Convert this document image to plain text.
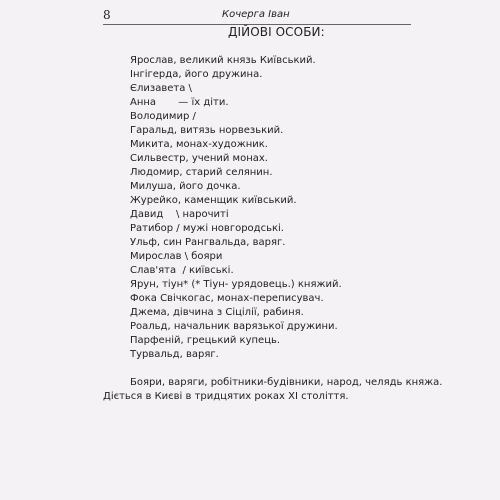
8	Кочерга Іван
ДІЙОВІ ОСОБИ:
Ярослав, великий князь Київський.
Інгігерда, його дружина.
Єлизавета \
Анна       — їх діти.
Володимир /
Гаральд, витязь норвезький.
Микита, монах-художник.
Сильвестр, учений монах.
Людомир, старий селянин.
Милуша, його дочка.
Журейко, каменщик київський.
Давид    \ нарочиті
Ратибор / мужі новгородські.
Ульф, син Рангвальда, варяг.
Мирослав \ бояри
Слав'ята  / київські.
Ярун, тіун* (* Тіун- урядовець.) княжий.
Фока Свічкогас, монах-переписувач.
Джема, дівчина з Сіцілії, рабиня.
Роальд, начальник варязької дружини.
Парфеній, грецький купець.
Турвальд, варяг.
Бояри, варяги, робітники-будівники, народ, челядь княжа.
Діється в Києві в тридцятих роках XI століття.
